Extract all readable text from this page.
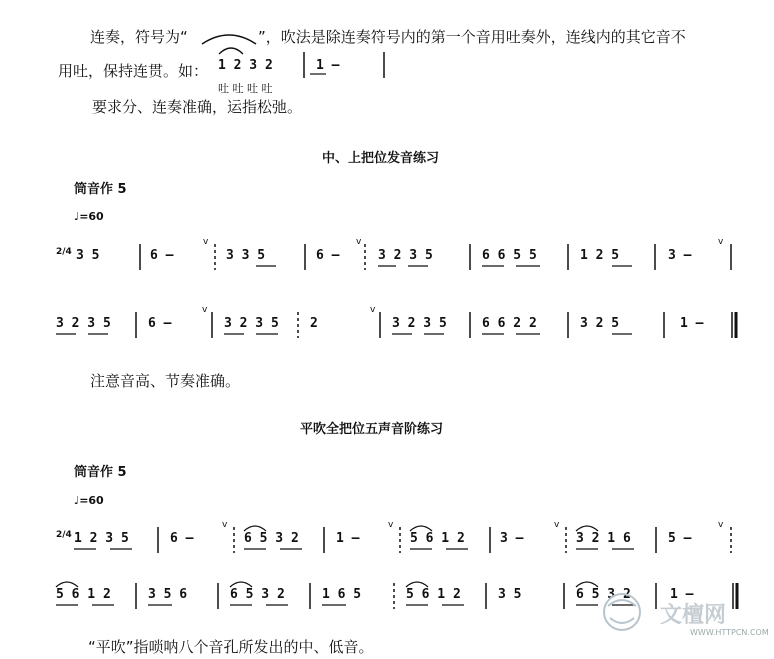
连奏，符号为“	”，吹法是除连奏符号内的第一个音用吐奏外，连线内的其它音不
用吐，保持连贯。如： 1 2 3 2	1 –
吐 吐 吐 吐
要求分、连奏准确，运指松弛。
中、上把位发音练习
筒音作 5
♩=60
2/4 3 5	6 –	3 3 5	6 –	3 2 3 5	6 6 5 5	1 2 5	3 –
v	v	v
3 2 3 5	6 –	3 2 3 5 2	3 2 3 5	6 6 2 2	3 2 5	1 –
v	v
注意音高、节奏准确。
平吹全把位五声音阶练习
筒音作 5
♩=60
2/4 1 2 3 5	6 –	6 5 3 2	1 –	5 6 1 2	3 –	3 2 1 6	5 –
v	v	v	v
5 6 1 2	3 5 6	6 5 3 2	1 6 5	5 6 1 2	3 5	6 5 3 2	1 –
“平吹”指唢呐八个音孔所发出的中、低音。
文檀网
WWW.HTTPCN.COM
